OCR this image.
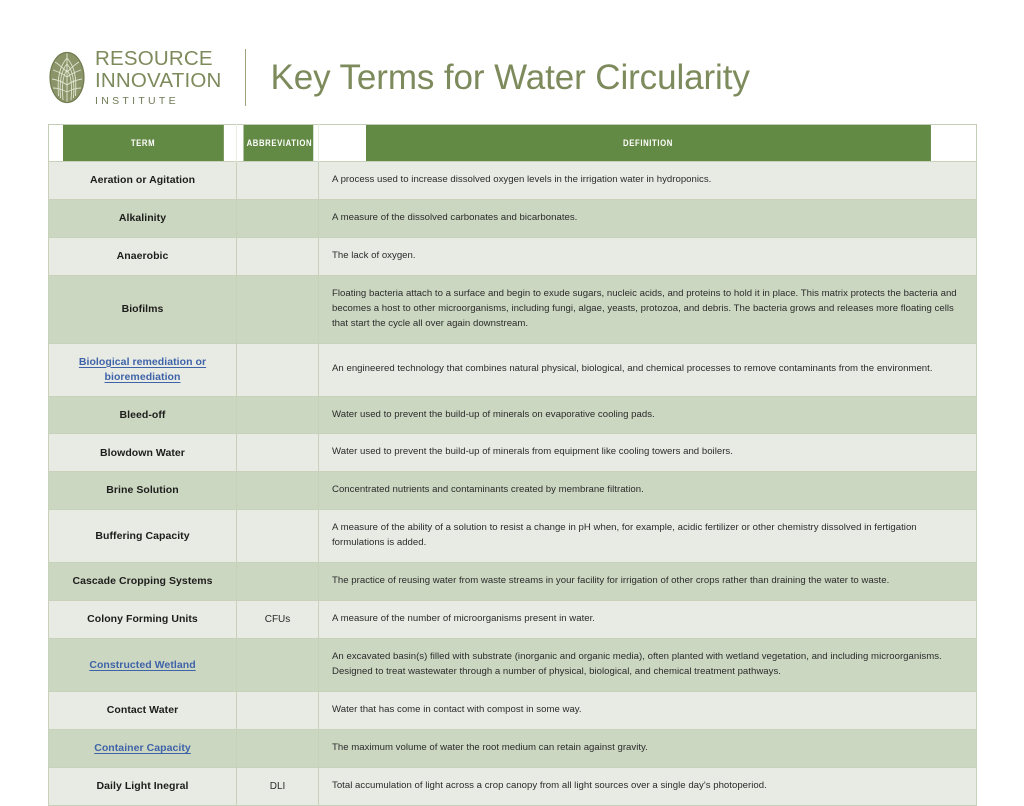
RESOURCE
INNOVATION
INSTITUTE
Key Terms for Water Circularity
TERM	ABBREVIATION	DEFINITION
Aeration or Agitation		A process used to increase dissolved oxygen levels in the irrigation water in hydroponics.
Alkalinity		A measure of the dissolved carbonates and bicarbonates.
Anaerobic		The lack of oxygen.
Biofilms		Floating bacteria attach to a surface and begin to exude sugars, nucleic acids, and proteins to hold it in place. This matrix protects the bacteria and becomes a host to other microorganisms, including fungi, algae, yeasts, protozoa, and debris. The bacteria grows and releases more floating cells that start the cycle all over again downstream.
Biological remediation or bioremediation		An engineered technology that combines natural physical, biological, and chemical processes to remove contaminants from the environment.
Bleed-off		Water used to prevent the build-up of minerals on evaporative cooling pads.
Blowdown Water		Water used to prevent the build-up of minerals from equipment like cooling towers and boilers.
Brine Solution		Concentrated nutrients and contaminants created by membrane filtration.
Buffering Capacity		A measure of the ability of a solution to resist a change in pH when, for example, acidic fertilizer or other chemistry dissolved in fertigation formulations is added.
Cascade Cropping Systems		The practice of reusing water from waste streams in your facility for irrigation of other crops rather than draining the water to waste.
Colony Forming Units	CFUs	A measure of the number of microorganisms present in water.
Constructed Wetland		An excavated basin(s) filled with substrate (inorganic and organic media), often planted with wetland vegetation, and including microorganisms. Designed to treat wastewater through a number of physical, biological, and chemical treatment pathways.
Contact Water		Water that has come in contact with compost in some way.
Container Capacity		The maximum volume of water the root medium can retain against gravity.
Daily Light Inegral	DLI	Total accumulation of light across a crop canopy from all light sources over a single day's photoperiod.
